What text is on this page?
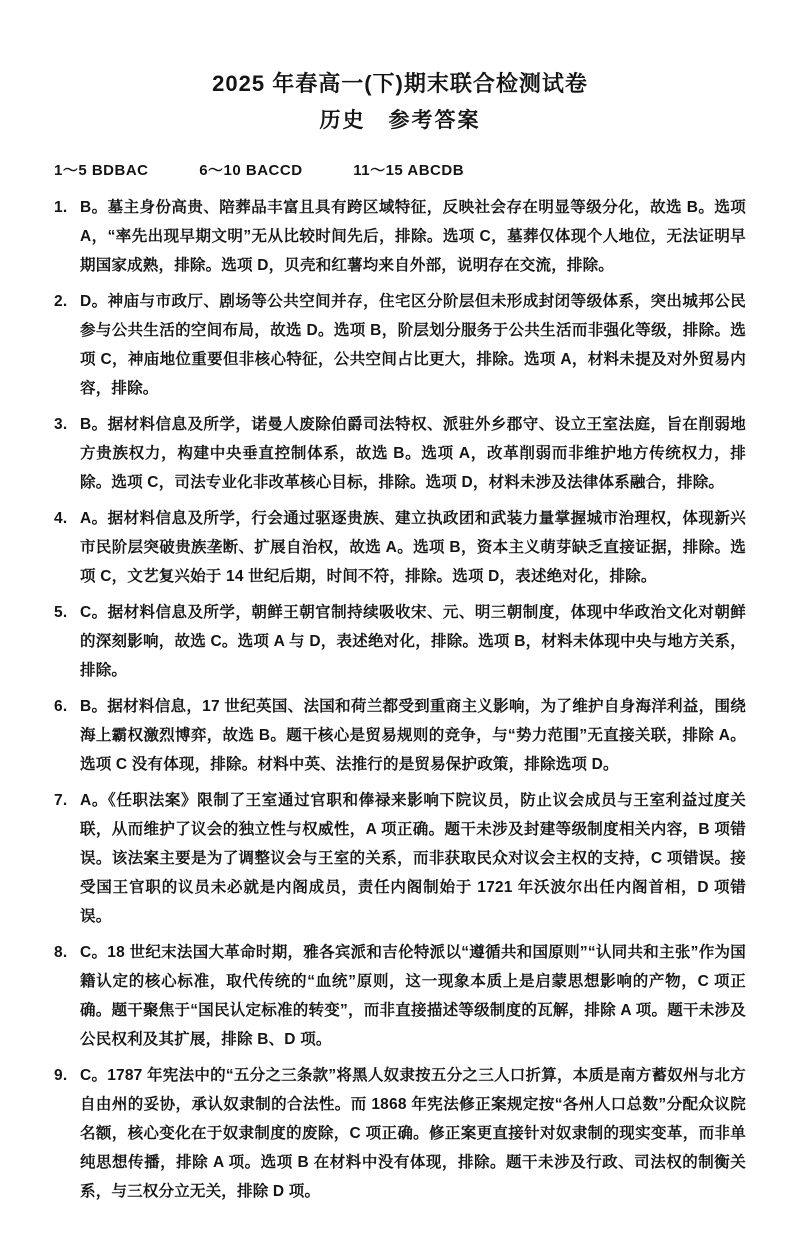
2025 年春高一(下)期末联合检测试卷
历史　参考答案
1～5 BDBAC	6～10 BACCD	11～15 ABCDB

1. B。墓主身份高贵、陪葬品丰富且具有跨区域特征，反映社会存在明显等级分化，故选 B。选项 A，“率先出现早期文明”无从比较时间先后，排除。选项 C，墓葬仅体现个人地位，无法证明早期国家成熟，排除。选项 D，贝壳和红薯均来自外部，说明存在交流，排除。

2. D。神庙与市政厅、剧场等公共空间并存，住宅区分阶层但未形成封闭等级体系，突出城邦公民参与公共生活的空间布局，故选 D。选项 B，阶层划分服务于公共生活而非强化等级，排除。选项 C，神庙地位重要但非核心特征，公共空间占比更大，排除。选项 A，材料未提及对外贸易内容，排除。

3. B。据材料信息及所学，诺曼人废除伯爵司法特权、派驻外乡郡守、设立王室法庭，旨在削弱地方贵族权力，构建中央垂直控制体系，故选 B。选项 A，改革削弱而非维护地方传统权力，排除。选项 C，司法专业化非改革核心目标，排除。选项 D，材料未涉及法律体系融合，排除。

4. A。据材料信息及所学，行会通过驱逐贵族、建立执政团和武装力量掌握城市治理权，体现新兴市民阶层突破贵族垄断、扩展自治权，故选 A。选项 B，资本主义萌芽缺乏直接证据，排除。选项 C，文艺复兴始于 14 世纪后期，时间不符，排除。选项 D，表述绝对化，排除。

5. C。据材料信息及所学，朝鲜王朝官制持续吸收宋、元、明三朝制度，体现中华政治文化对朝鲜的深刻影响，故选 C。选项 A 与 D，表述绝对化，排除。选项 B，材料未体现中央与地方关系，排除。

6. B。据材料信息，17 世纪英国、法国和荷兰都受到重商主义影响，为了维护自身海洋利益，围绕海上霸权激烈博弈，故选 B。题干核心是贸易规则的竞争，与“势力范围”无直接关联，排除 A。选项 C 没有体现，排除。材料中英、法推行的是贸易保护政策，排除选项 D。

7. A。《任职法案》限制了王室通过官职和俸禄来影响下院议员，防止议会成员与王室利益过度关联，从而维护了议会的独立性与权威性，A 项正确。题干未涉及封建等级制度相关内容，B 项错误。该法案主要是为了调整议会与王室的关系，而非获取民众对议会主权的支持，C 项错误。接受国王官职的议员未必就是内阁成员，责任内阁制始于 1721 年沃波尔出任内阁首相，D 项错误。

8. C。18 世纪末法国大革命时期，雅各宾派和吉伦特派以“遵循共和国原则”“认同共和主张”作为国籍认定的核心标准，取代传统的“血统”原则，这一现象本质上是启蒙思想影响的产物，C 项正确。题干聚焦于“国民认定标准的转变”，而非直接描述等级制度的瓦解，排除 A 项。题干未涉及公民权利及其扩展，排除 B、D 项。

9. C。1787 年宪法中的“五分之三条款”将黑人奴隶按五分之三人口折算，本质是南方蓄奴州与北方自由州的妥协，承认奴隶制的合法性。而 1868 年宪法修正案规定按“各州人口总数”分配众议院名额，核心变化在于奴隶制度的废除，C 项正确。修正案更直接针对奴隶制的现实变革，而非单纯思想传播，排除 A 项。选项 B 在材料中没有体现，排除。题干未涉及行政、司法权的制衡关系，与三权分立无关，排除 D 项。
